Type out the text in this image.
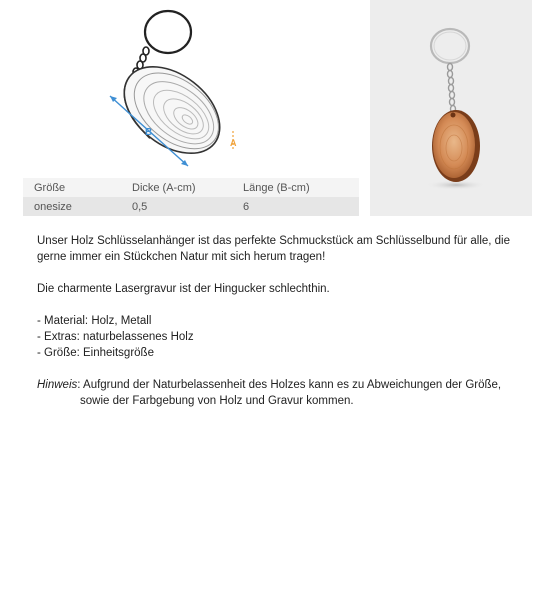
B
A
Größe	Dicke (A-cm)	Länge (B-cm)
onesize	0,5	6

Unser Holz Schlüsselanhänger ist das perfekte Schmuckstück am Schlüsselbund für alle, die gerne immer ein Stückchen Natur mit sich herum tragen!

Die charmente Lasergravur ist der Hingucker schlechthin.

- Material: Holz, Metall
- Extras: naturbelassenes Holz
- Größe: Einheitsgröße

Hinweis: Aufgrund der Naturbelassenheit des Holzes kann es zu Abweichungen der Größe,

sowie der Farbgebung von Holz und Gravur kommen.
